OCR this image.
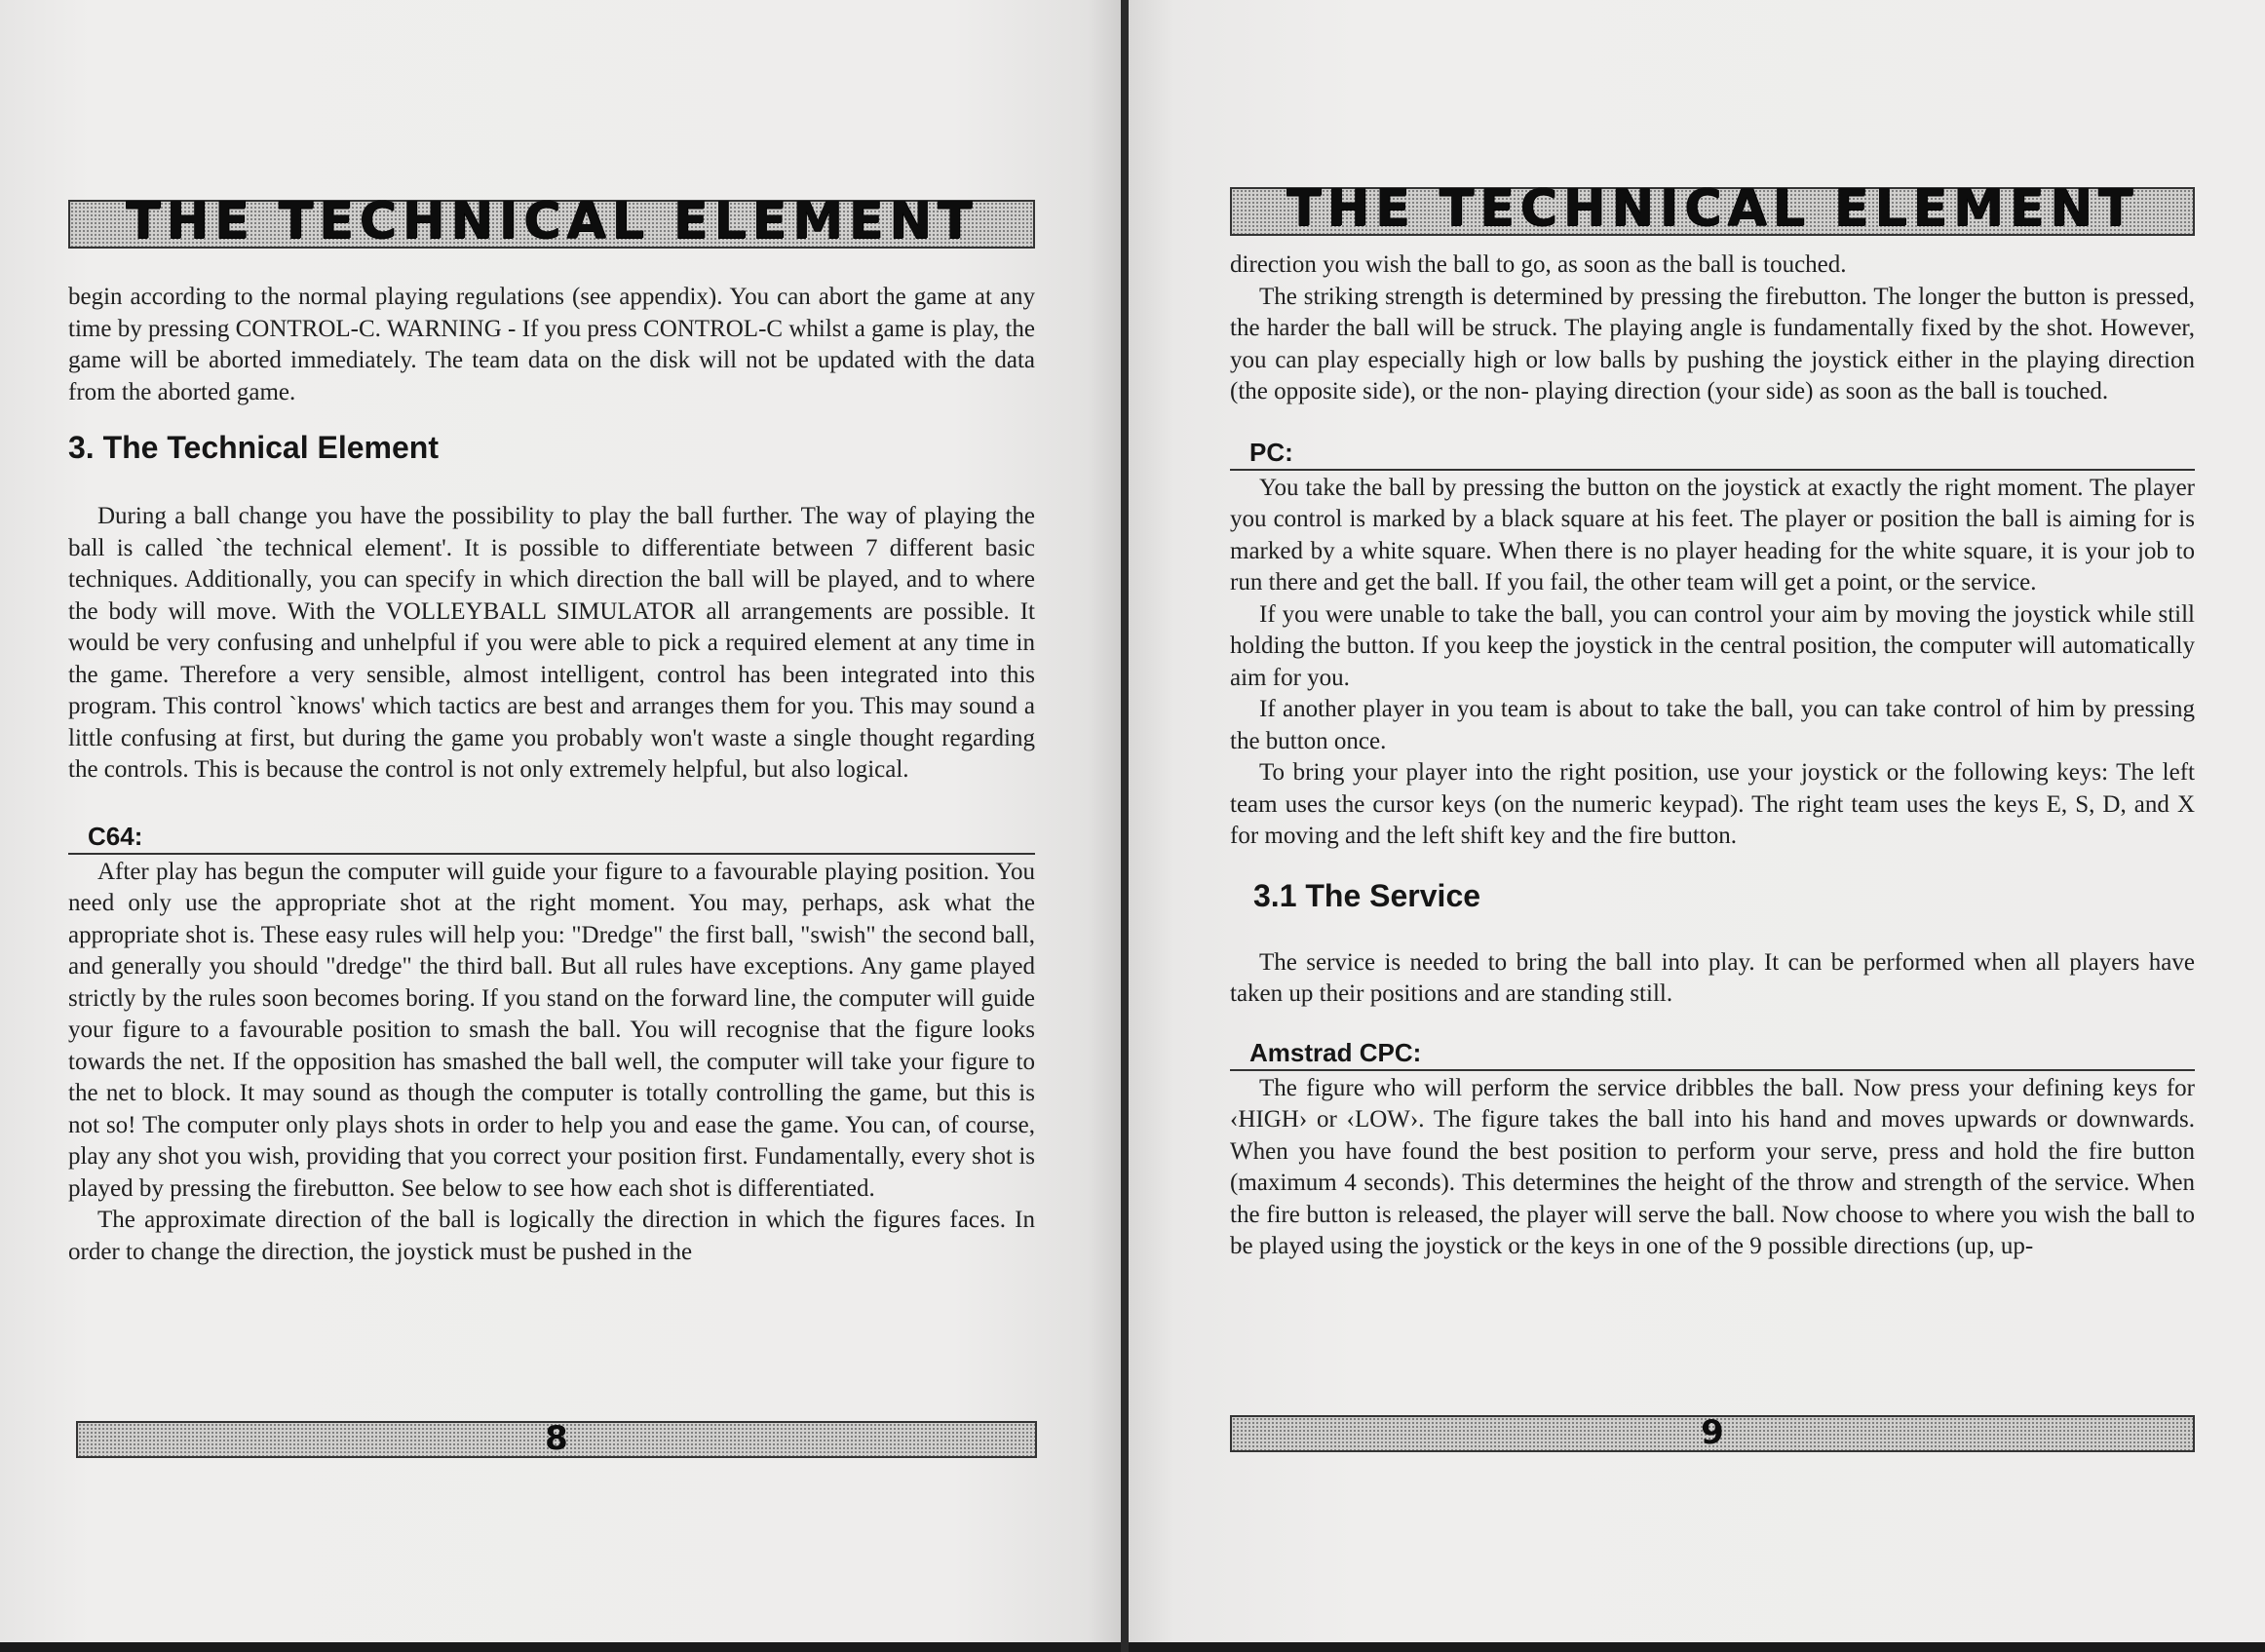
THE TECHNICAL ELEMENT

begin according to the normal playing regulations (see appendix). You can abort the game at any time by pressing CONTROL-C. WARNING - If you press CONTROL-C whilst a game is play, the game will be aborted immediately. The team data on the disk will not be updated with the data from the aborted game.

3. The Technical Element

During a ball change you have the possibility to play the ball further. The way of playing the ball is called `the technical element'. It is possible to differentiate between 7 different basic techniques. Additionally, you can specify in which direction the ball will be played, and to where the body will move. With the VOLLEYBALL SIMULATOR all arrangements are possible. It would be very confusing and unhelpful if you were able to pick a required element at any time in the game. Therefore a very sensible, almost intelligent, control has been integrated into this program. This control `knows' which tactics are best and arranges them for you. This may sound a little confusing at first, but during the game you probably won't waste a single thought regarding the controls. This is because the control is not only extremely helpful, but also logical.

C64:

After play has begun the computer will guide your figure to a favourable playing position. You need only use the appropriate shot at the right moment. You may, perhaps, ask what the appropriate shot is. These easy rules will help you: "Dredge" the first ball, "swish" the second ball, and generally you should "dredge" the third ball. But all rules have exceptions. Any game played strictly by the rules soon becomes boring. If you stand on the forward line, the computer will guide your figure to a favourable position to smash the ball. You will recognise that the figure looks towards the net. If the opposition has smashed the ball well, the computer will take your figure to the net to block. It may sound as though the computer is totally controlling the game, but this is not so! The computer only plays shots in order to help you and ease the game. You can, of course, play any shot you wish, providing that you correct your position first. Fundamentally, every shot is played by pressing the firebutton. See below to see how each shot is differentiated.

The approximate direction of the ball is logically the direction in which the figures faces. In order to change the direction, the joystick must be pushed in the

8
THE TECHNICAL ELEMENT

direction you wish the ball to go, as soon as the ball is touched.

The striking strength is determined by pressing the firebutton. The longer the button is pressed, the harder the ball will be struck. The playing angle is fundamentally fixed by the shot. However, you can play especially high or low balls by pushing the joystick either in the playing direction (the opposite side), or the non- playing direction (your side) as soon as the ball is touched.

PC:

You take the ball by pressing the button on the joystick at exactly the right moment. The player you control is marked by a black square at his feet. The player or position the ball is aiming for is marked by a white square. When there is no player heading for the white square, it is your job to run there and get the ball. If you fail, the other team will get a point, or the service.

If you were unable to take the ball, you can control your aim by moving the joystick while still holding the button. If you keep the joystick in the central position, the computer will automatically aim for you.

If another player in you team is about to take the ball, you can take control of him by pressing the button once.

To bring your player into the right position, use your joystick or the following keys: The left team uses the cursor keys (on the numeric keypad). The right team uses the keys E, S, D, and X for moving and the left shift key and the fire button.

3.1 The Service

The service is needed to bring the ball into play. It can be performed when all players have taken up their positions and are standing still.

Amstrad CPC:

The figure who will perform the service dribbles the ball. Now press your defining keys for ‹HIGH› or ‹LOW›. The figure takes the ball into his hand and moves upwards or downwards. When you have found the best position to perform your serve, press and hold the fire button (maximum 4 seconds). This determines the height of the throw and strength of the service. When the fire button is released, the player will serve the ball. Now choose to where you wish the ball to be played using the joystick or the keys in one of the 9 possible directions (up, up-

9
